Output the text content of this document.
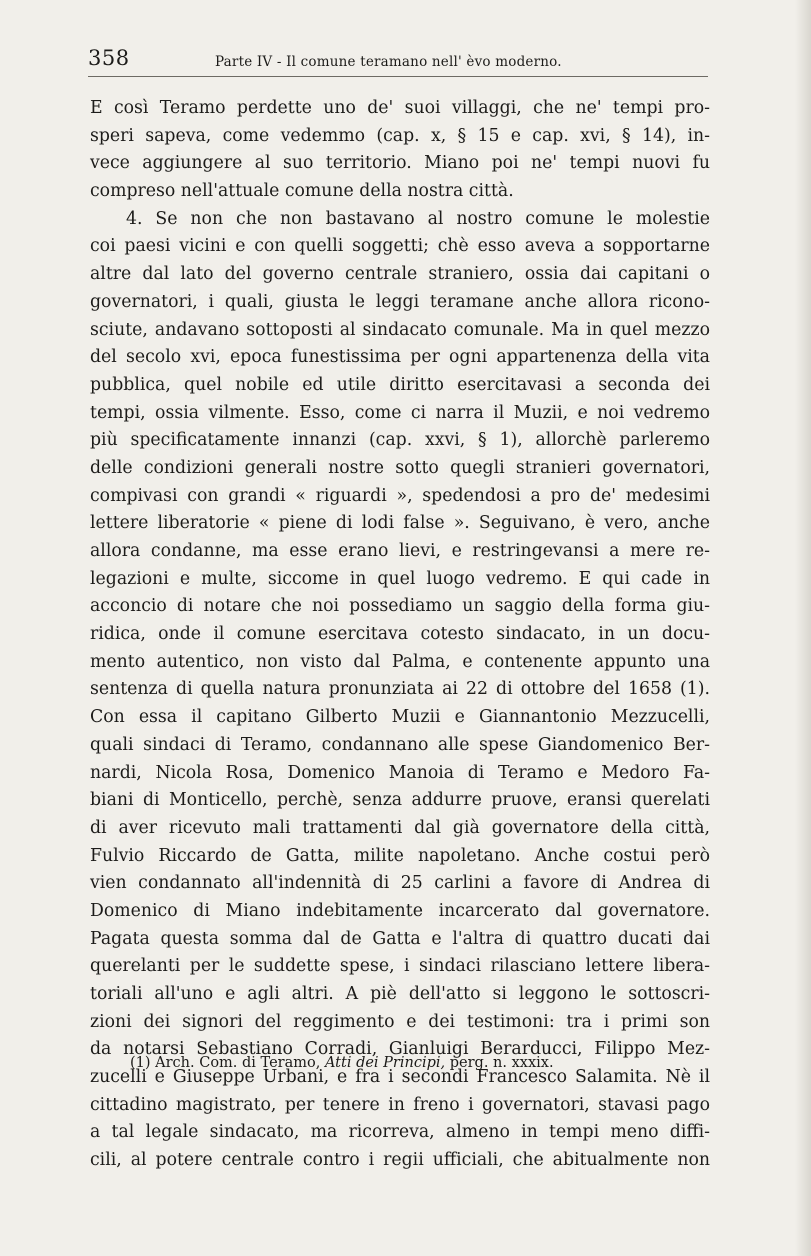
358	Parte IV - Il comune teramano nell' èvo moderno.
E così Teramo perdette uno de' suoi villaggi, che ne' tempi pro-
speri sapeva, come vedemmo (cap. x, § 15 e cap. xvi, § 14), in-
vece aggiungere al suo territorio. Miano poi ne' tempi nuovi fu
compreso nell'attuale comune della nostra città.
4. Se non che non bastavano al nostro comune le molestie
coi paesi vicini e con quelli soggetti; chè esso aveva a sopportarne
altre dal lato del governo centrale straniero, ossia dai capitani o
governatori, i quali, giusta le leggi teramane anche allora ricono-
sciute, andavano sottoposti al sindacato comunale. Ma in quel mezzo
del secolo xvi, epoca funestissima per ogni appartenenza della vita
pubblica, quel nobile ed utile diritto esercitavasi a seconda dei
tempi, ossia vilmente. Esso, come ci narra il Muzii, e noi vedremo
più specificatamente innanzi (cap. xxvi, § 1), allorchè parleremo
delle condizioni generali nostre sotto quegli stranieri governatori,
compivasi con grandi « riguardi », spedendosi a pro de' medesimi
lettere liberatorie « piene di lodi false ». Seguivano, è vero, anche
allora condanne, ma esse erano lievi, e restringevansi a mere re-
legazioni e multe, siccome in quel luogo vedremo. E qui cade in
acconcio di notare che noi possediamo un saggio della forma giu-
ridica, onde il comune esercitava cotesto sindacato, in un docu-
mento autentico, non visto dal Palma, e contenente appunto una
sentenza di quella natura pronunziata ai 22 di ottobre del 1658 (1).
Con essa il capitano Gilberto Muzii e Giannantonio Mezzucelli,
quali sindaci di Teramo, condannano alle spese Giandomenico Ber-
nardi, Nicola Rosa, Domenico Manoia di Teramo e Medoro Fa-
biani di Monticello, perchè, senza addurre pruove, eransi querelati
di aver ricevuto mali trattamenti dal già governatore della città,
Fulvio Riccardo de Gatta, milite napoletano. Anche costui però
vien condannato all'indennità di 25 carlini a favore di Andrea di
Domenico di Miano indebitamente incarcerato dal governatore.
Pagata questa somma dal de Gatta e l'altra di quattro ducati dai
querelanti per le suddette spese, i sindaci rilasciano lettere libera-
toriali all'uno e agli altri. A piè dell'atto si leggono le sottoscri-
zioni dei signori del reggimento e dei testimoni: tra i primi son
da notarsi Sebastiano Corradi, Gianluigi Berarducci, Filippo Mez-
zucelli e Giuseppe Urbani, e fra i secondi Francesco Salamita. Nè il
cittadino magistrato, per tenere in freno i governatori, stavasi pago
a tal legale sindacato, ma ricorreva, almeno in tempi meno diffi-
cili, al potere centrale contro i regii ufficiali, che abitualmente non
(1) Arch. Com. di Teramo, Atti dei Principi, perg. n. xxxix.
